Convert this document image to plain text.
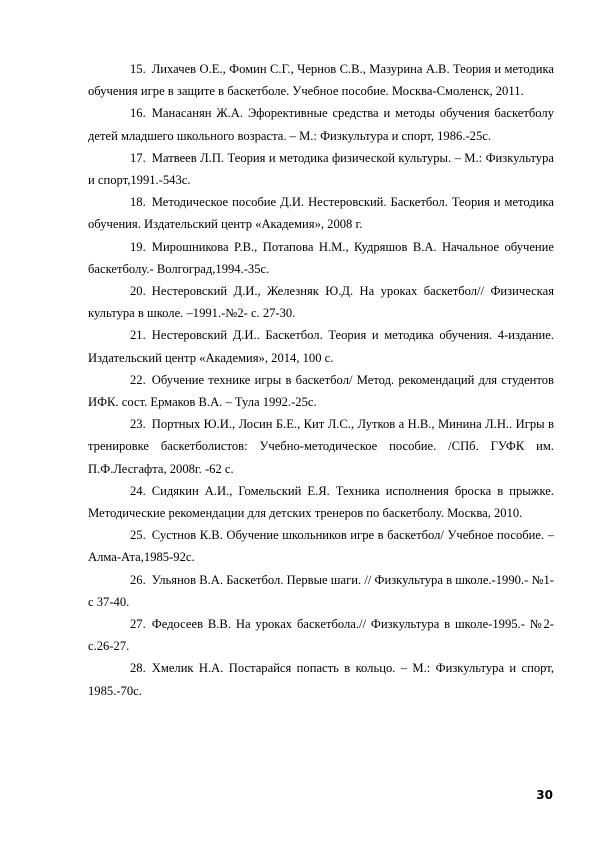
15. Лихачев О.Е., Фомин С.Г., Чернов С.В., Мазурина А.В. Теория и методика обучения игре в защите в баскетболе. Учебное пособие. Москва-Смоленск, 2011.

16. Манасанян Ж.А. Эфорективные средства и методы обучения баскетболу детей младшего школьного возраста. – М.: Физкультура и спорт, 1986.-25с.

17. Матвеев Л.П. Теория и методика физической культуры. – М.: Физкультура и спорт,1991.-543с.

18. Методическое пособие Д.И. Нестеровский. Баскетбол. Теория и методика обучения. Издательский центр «Академия», 2008 г.

19. Мирошникова Р.В., Потапова Н.М., Кудряшов В.А. Начальное обучение баскетболу.- Волгоград,1994.-35с.

20. Нестеровский Д.И., Железняк Ю.Д. На уроках баскетбол// Физическая культура в школе. –1991.-№2- с. 27-30.

21. Нестеровский Д.И.. Баскетбол. Теория и методика обучения. 4-издание. Издательский центр «Академия», 2014, 100 с.

22. Обучение технике игры в баскетбол/ Метод. рекомендаций для студентов ИФК. сост. Ермаков В.А. – Тула 1992.-25с.

23. Портных Ю.И., Лосин Б.Е., Кит Л.С., Лутков а Н.В., Минина Л.Н.. Игры в тренировке баскетболистов: Учебно-методическое пособие. /СПб. ГУФК им. П.Ф.Лесгафта, 2008г. -62 с.

24. Сидякин А.И., Гомельский Е.Я. Техника исполнения броска в прыжке. Методические рекомендации для детских тренеров по баскетболу. Москва, 2010.

25. Сустнов К.В. Обучение школьников игре в баскетбол/ Учебное пособие. – Алма-Ата,1985-92с.

26. Ульянов В.А. Баскетбол. Первые шаги. // Физкультура в школе.-1990.- №1- с 37-40.

27. Федосеев В.В. На уроках баскетбола.// Физкультура в школе-1995.- №2-с.26-27.

28. Хмелик Н.А. Постарайся попасть в кольцо. – М.: Физкультура и спорт, 1985.-70с.

30
